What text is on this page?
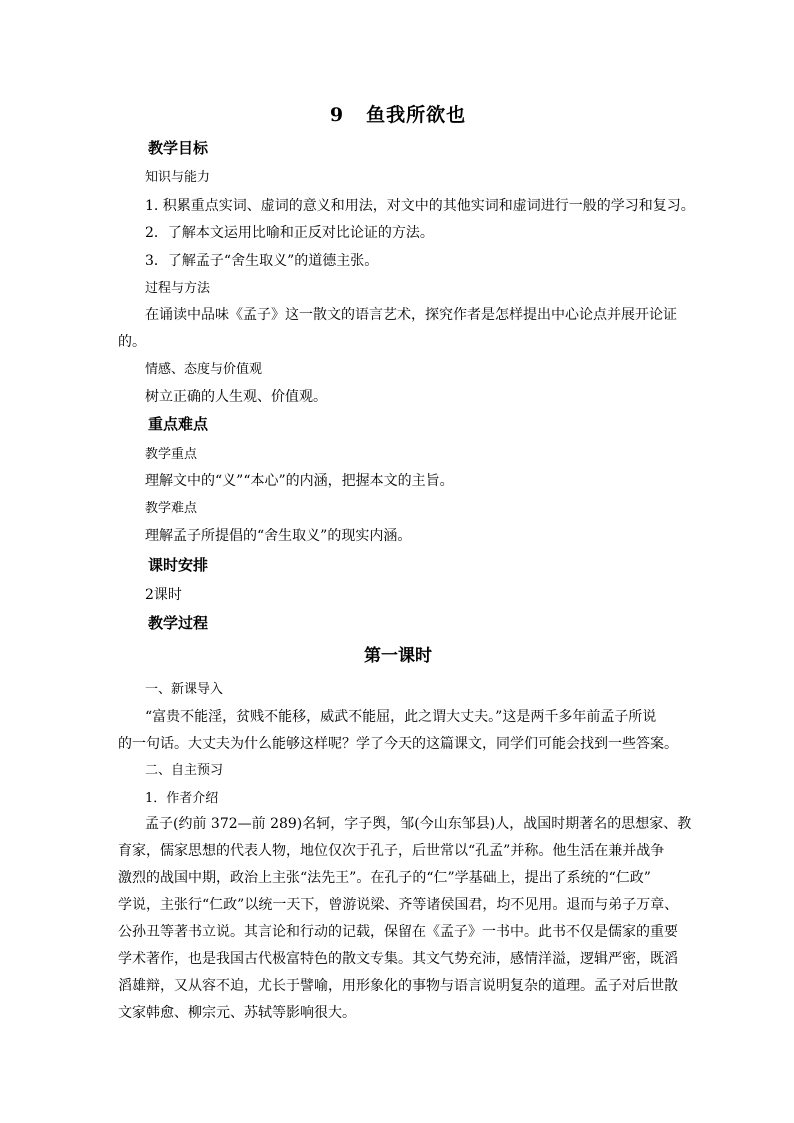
9 鱼我所欲也
教学目标
知识与能力
1. 积累重点实词、虚词的意义和用法，对文中的其他实词和虚词进行一般的学习和复习。
2．了解本文运用比喻和正反对比论证的方法。
3．了解孟子“舍生取义”的道德主张。
过程与方法
在诵读中品味《孟子》这一散文的语言艺术，探究作者是怎样提出中心论点并展开论证
的。
情感、态度与价值观
树立正确的人生观、价值观。
重点难点
教学重点
理解文中的“义”“本心”的内涵，把握本文的主旨。
教学难点
理解孟子所提倡的“舍生取义”的现实内涵。
课时安排
2课时
教学过程
第一课时
一、新课导入
“富贵不能淫，贫贱不能移，威武不能屈，此之谓大丈夫。”这是两千多年前孟子所说
的一句话。大丈夫为什么能够这样呢？学了今天的这篇课文，同学们可能会找到一些答案。
二、自主预习
1．作者介绍
孟子(约前 372—前 289)名轲，字子舆，邹(今山东邹县)人，战国时期著名的思想家、教
育家，儒家思想的代表人物，地位仅次于孔子，后世常以“孔孟”并称。他生活在兼并战争
激烈的战国中期，政治上主张“法先王”。在孔子的“仁”学基础上，提出了系统的“仁政”
学说，主张行“仁政”以统一天下，曾游说梁、齐等诸侯国君，均不见用。退而与弟子万章、
公孙丑等著书立说。其言论和行动的记载，保留在《孟子》一书中。此书不仅是儒家的重要
学术著作，也是我国古代极富特色的散文专集。其文气势充沛，感情洋溢，逻辑严密，既滔
滔雄辩，又从容不迫，尤长于譬喻，用形象化的事物与语言说明复杂的道理。孟子对后世散
文家韩愈、柳宗元、苏轼等影响很大。
